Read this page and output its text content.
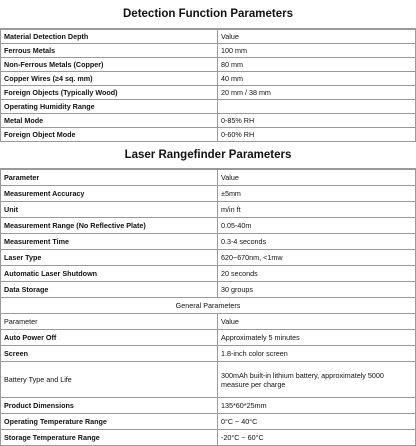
Detection Function Parameters
Material Detection Depth	Value
Ferrous Metals	100 mm
Non-Ferrous Metals (Copper)	80 mm
Copper Wires (≥4 sq. mm)	40 mm
Foreign Objects (Typically Wood)	20 mm / 38 mm
Operating Humidity Range	
Metal Mode	0-85% RH
Foreign Object Mode	0-60% RH
Laser Rangefinder Parameters
Parameter	Value
Measurement Accuracy	±5mm
Unit	m/in ft
Measurement Range (No Reflective Plate)	0.05-40m
Measurement Time	0.3-4 seconds
Laser Type	620~670nm, <1mw
Automatic Laser Shutdown	20 seconds
Data Storage	30 groups
General Parameters	
Parameter	Value
Auto Power Off	Approximately 5 minutes
Screen	1.8-inch color screen
Battery Type and Life	300mAh built-in lithium battery, approximately 5000 measure per charge
Product Dimensions	135*60*25mm
Operating Temperature Range	0°C ~ 40°C
Storage Temperature Range	-20°C ~ 60°C
